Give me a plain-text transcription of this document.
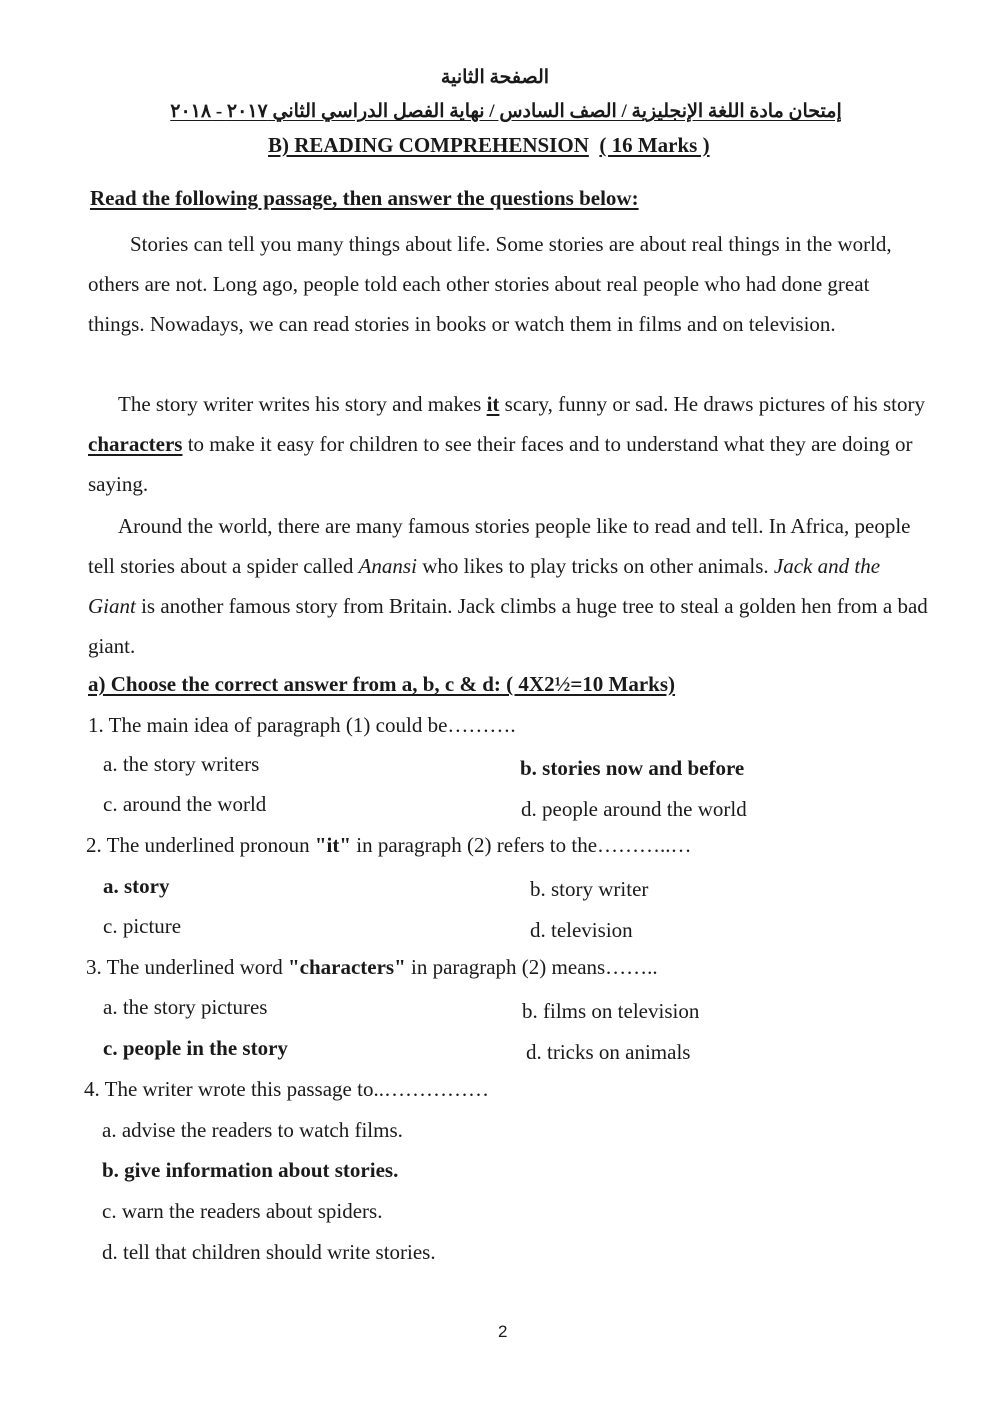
الصفحة الثانية
إمتحان مادة اللغة الإنجليزية / الصف السادس / نهاية الفصل الدراسي الثاني ٢٠١٧ - ٢٠١٨
B) READING COMPREHENSION ( 16 Marks )
Read the following passage, then answer the questions below:
Stories can tell you many things about life. Some stories are about real things in the world, others are not. Long ago, people told each other stories about real people who had done great things. Nowadays, we can read stories in books or watch them in films and on television.
The story writer writes his story and makes it scary, funny or sad. He draws pictures of his story characters to make it easy for children to see their faces and to understand what they are doing or saying.
Around the world, there are many famous stories people like to read and tell. In Africa, people tell stories about a spider called Anansi who likes to play tricks on other animals. Jack and the Giant is another famous story from Britain. Jack climbs a huge tree to steal a golden hen from a bad giant.
a) Choose the correct answer from a, b, c & d: ( 4X2½=10 Marks)
1. The main idea of paragraph (1) could be……….
a. the story writers	b. stories now and before
c. around the world	d. people around the world
2. The underlined pronoun "it" in paragraph (2) refers to the………..…
a. story	b. story writer
c. picture	d. television
3. The underlined word "characters" in paragraph (2) means……..
a. the story pictures	b. films on television
c. people in the story	d. tricks on animals
4. The writer wrote this passage to..……………
a. advise the readers to watch films.
b. give information about stories.
c. warn the readers about spiders.
d. tell that children should write stories.
2
